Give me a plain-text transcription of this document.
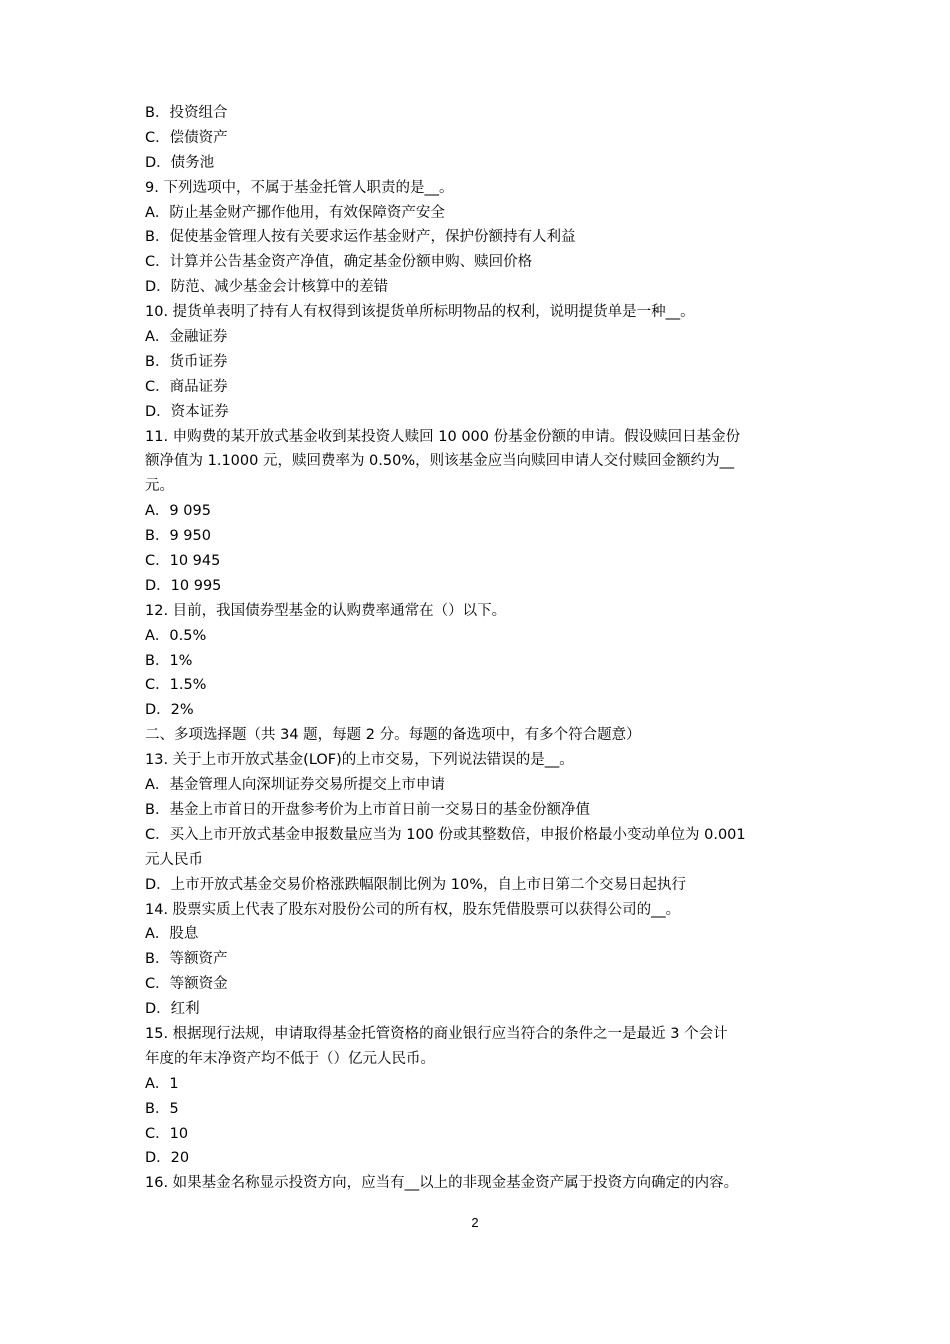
B．投资组合
C．偿债资产
D．债务池
9. 下列选项中，不属于基金托管人职责的是__。
A．防止基金财产挪作他用，有效保障资产安全
B．促使基金管理人按有关要求运作基金财产，保护份额持有人利益
C．计算并公告基金资产净值，确定基金份额申购、赎回价格
D．防范、减少基金会计核算中的差错
10. 提货单表明了持有人有权得到该提货单所标明物品的权利，说明提货单是一种__。
A．金融证券
B．货币证券
C．商品证券
D．资本证券
11. 申购费的某开放式基金收到某投资人赎回 10 000 份基金份额的申请。假设赎回日基金份
额净值为 1.1000 元，赎回费率为 0.50%，则该基金应当向赎回申请人交付赎回金额约为__
元。
A．9 095
B．9 950
C．10 945
D．10 995
12. 目前，我国债券型基金的认购费率通常在（）以下。
A．0.5%
B．1%
C．1.5%
D．2%
二、多项选择题（共 34 题，每题 2 分。每题的备选项中，有多个符合题意）
13. 关于上市开放式基金(LOF)的上市交易，下列说法错误的是__。
A．基金管理人向深圳证券交易所提交上市申请
B．基金上市首日的开盘参考价为上市首日前一交易日的基金份额净值
C．买入上市开放式基金申报数量应当为 100 份或其整数倍，申报价格最小变动单位为 0.001
元人民币
D．上市开放式基金交易价格涨跌幅限制比例为 10%，自上市日第二个交易日起执行
14. 股票实质上代表了股东对股份公司的所有权，股东凭借股票可以获得公司的__。
A．股息
B．等额资产
C．等额资金
D．红利
15. 根据现行法规，申请取得基金托管资格的商业银行应当符合的条件之一是最近 3 个会计
年度的年末净资产均不低于（）亿元人民币。
A．1
B．5
C．10
D．20
16. 如果基金名称显示投资方向，应当有__以上的非现金基金资产属于投资方向确定的内容。
2
